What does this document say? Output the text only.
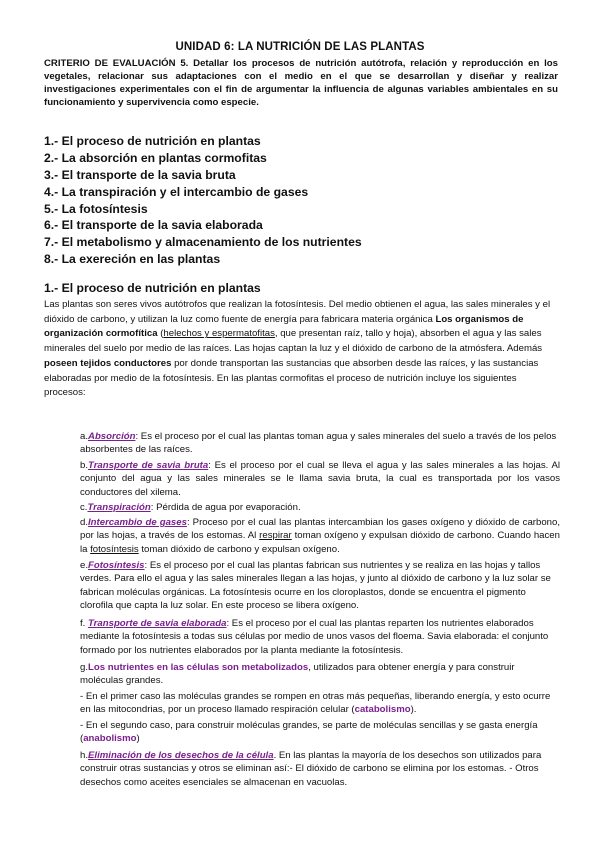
UNIDAD 6: LA NUTRICIÓN DE LAS PLANTAS
CRITERIO DE EVALUACIÓN 5. Detallar los procesos de nutrición autótrofa, relación y reproducción en los vegetales, relacionar sus adaptaciones con el medio en el que se desarrollan y diseñar y realizar investigaciones experimentales con el fin de argumentar la influencia de algunas variables ambientales en su funcionamiento y supervivencia como especie.
1.- El proceso de nutrición en plantas
2.- La absorción en plantas cormofitas
3.- El transporte de la savia bruta
4.- La transpiración y el intercambio de gases
5.- La fotosíntesis
6.- El transporte de la savia elaborada
7.- El metabolismo y almacenamiento de los nutrientes
8.- La exereción en las plantas
1.- El proceso de nutrición en plantas
Las plantas son seres vivos autótrofos que realizan la fotosíntesis. Del medio obtienen el agua, las sales minerales y el dióxido de carbono, y utilizan la luz como fuente de energía para fabricara materia orgánica Los organismos de organización cormofítica (helechos y espermatofitas, que presentan raíz, tallo y hoja), absorben el agua y las sales minerales del suelo por medio de las raíces. Las hojas captan la luz y el dióxido de carbono de la atmósfera. Además poseen tejidos conductores por donde transportan las sustancias que absorben desde las raíces, y las sustancias elaboradas por medio de la fotosíntesis. En las plantas cormofitas el proceso de nutrición incluye los siguientes procesos:
a.Absorción: Es el proceso por el cual las plantas toman agua y sales minerales del suelo a través de los pelos absorbentes de las raíces.
b.Transporte de savia bruta: Es el proceso por el cual se lleva el agua y las sales minerales a las hojas. Al conjunto del agua y las sales minerales se le llama savia bruta, la cual es transportada por los vasos conductores del xilema.
c.Transpiración: Pérdida de agua por evaporación.
d.Intercambio de gases: Proceso por el cual las plantas intercambian los gases oxígeno y dióxido de carbono, por las hojas, a través de los estomas. Al respirar toman oxígeno y expulsan dióxido de carbono. Cuando hacen la fotosíntesis toman dióxido de carbono y expulsan oxígeno.
e.Fotosíntesis: Es el proceso por el cual las plantas fabrican sus nutrientes y se realiza en las hojas y tallos verdes. Para ello el agua y las sales minerales llegan a las hojas, y junto al dióxido de carbono y la luz solar se fabrican moléculas orgánicas. La fotosíntesis ocurre en los cloroplastos, donde se encuentra el pigmento clorofila que capta la luz solar. En este proceso se libera oxígeno.
f. Transporte de savia elaborada: Es el proceso por el cual las plantas reparten los nutrientes elaborados mediante la fotosíntesis a todas sus células por medio de unos vasos del floema. Savia elaborada: el conjunto formado por los nutrientes elaborados por la planta mediante la fotosíntesis.
g.Los nutrientes en las células son metabolizados, utilizados para obtener energía y para construir moléculas grandes.
- En el primer caso las moléculas grandes se rompen en otras más pequeñas, liberando energía, y esto ocurre en las mitocondrias, por un proceso llamado respiración celular (catabolismo).
- En el segundo caso, para construir moléculas grandes, se parte de moléculas sencillas y se gasta energía (anabolismo)
h.Eliminación de los desechos de la célula. En las plantas la mayoría de los desechos son utilizados para construir otras sustancias y otros se eliminan así:- El dióxido de carbono se elimina por los estomas. - Otros desechos como aceites esenciales se almacenan en vacuolas.
